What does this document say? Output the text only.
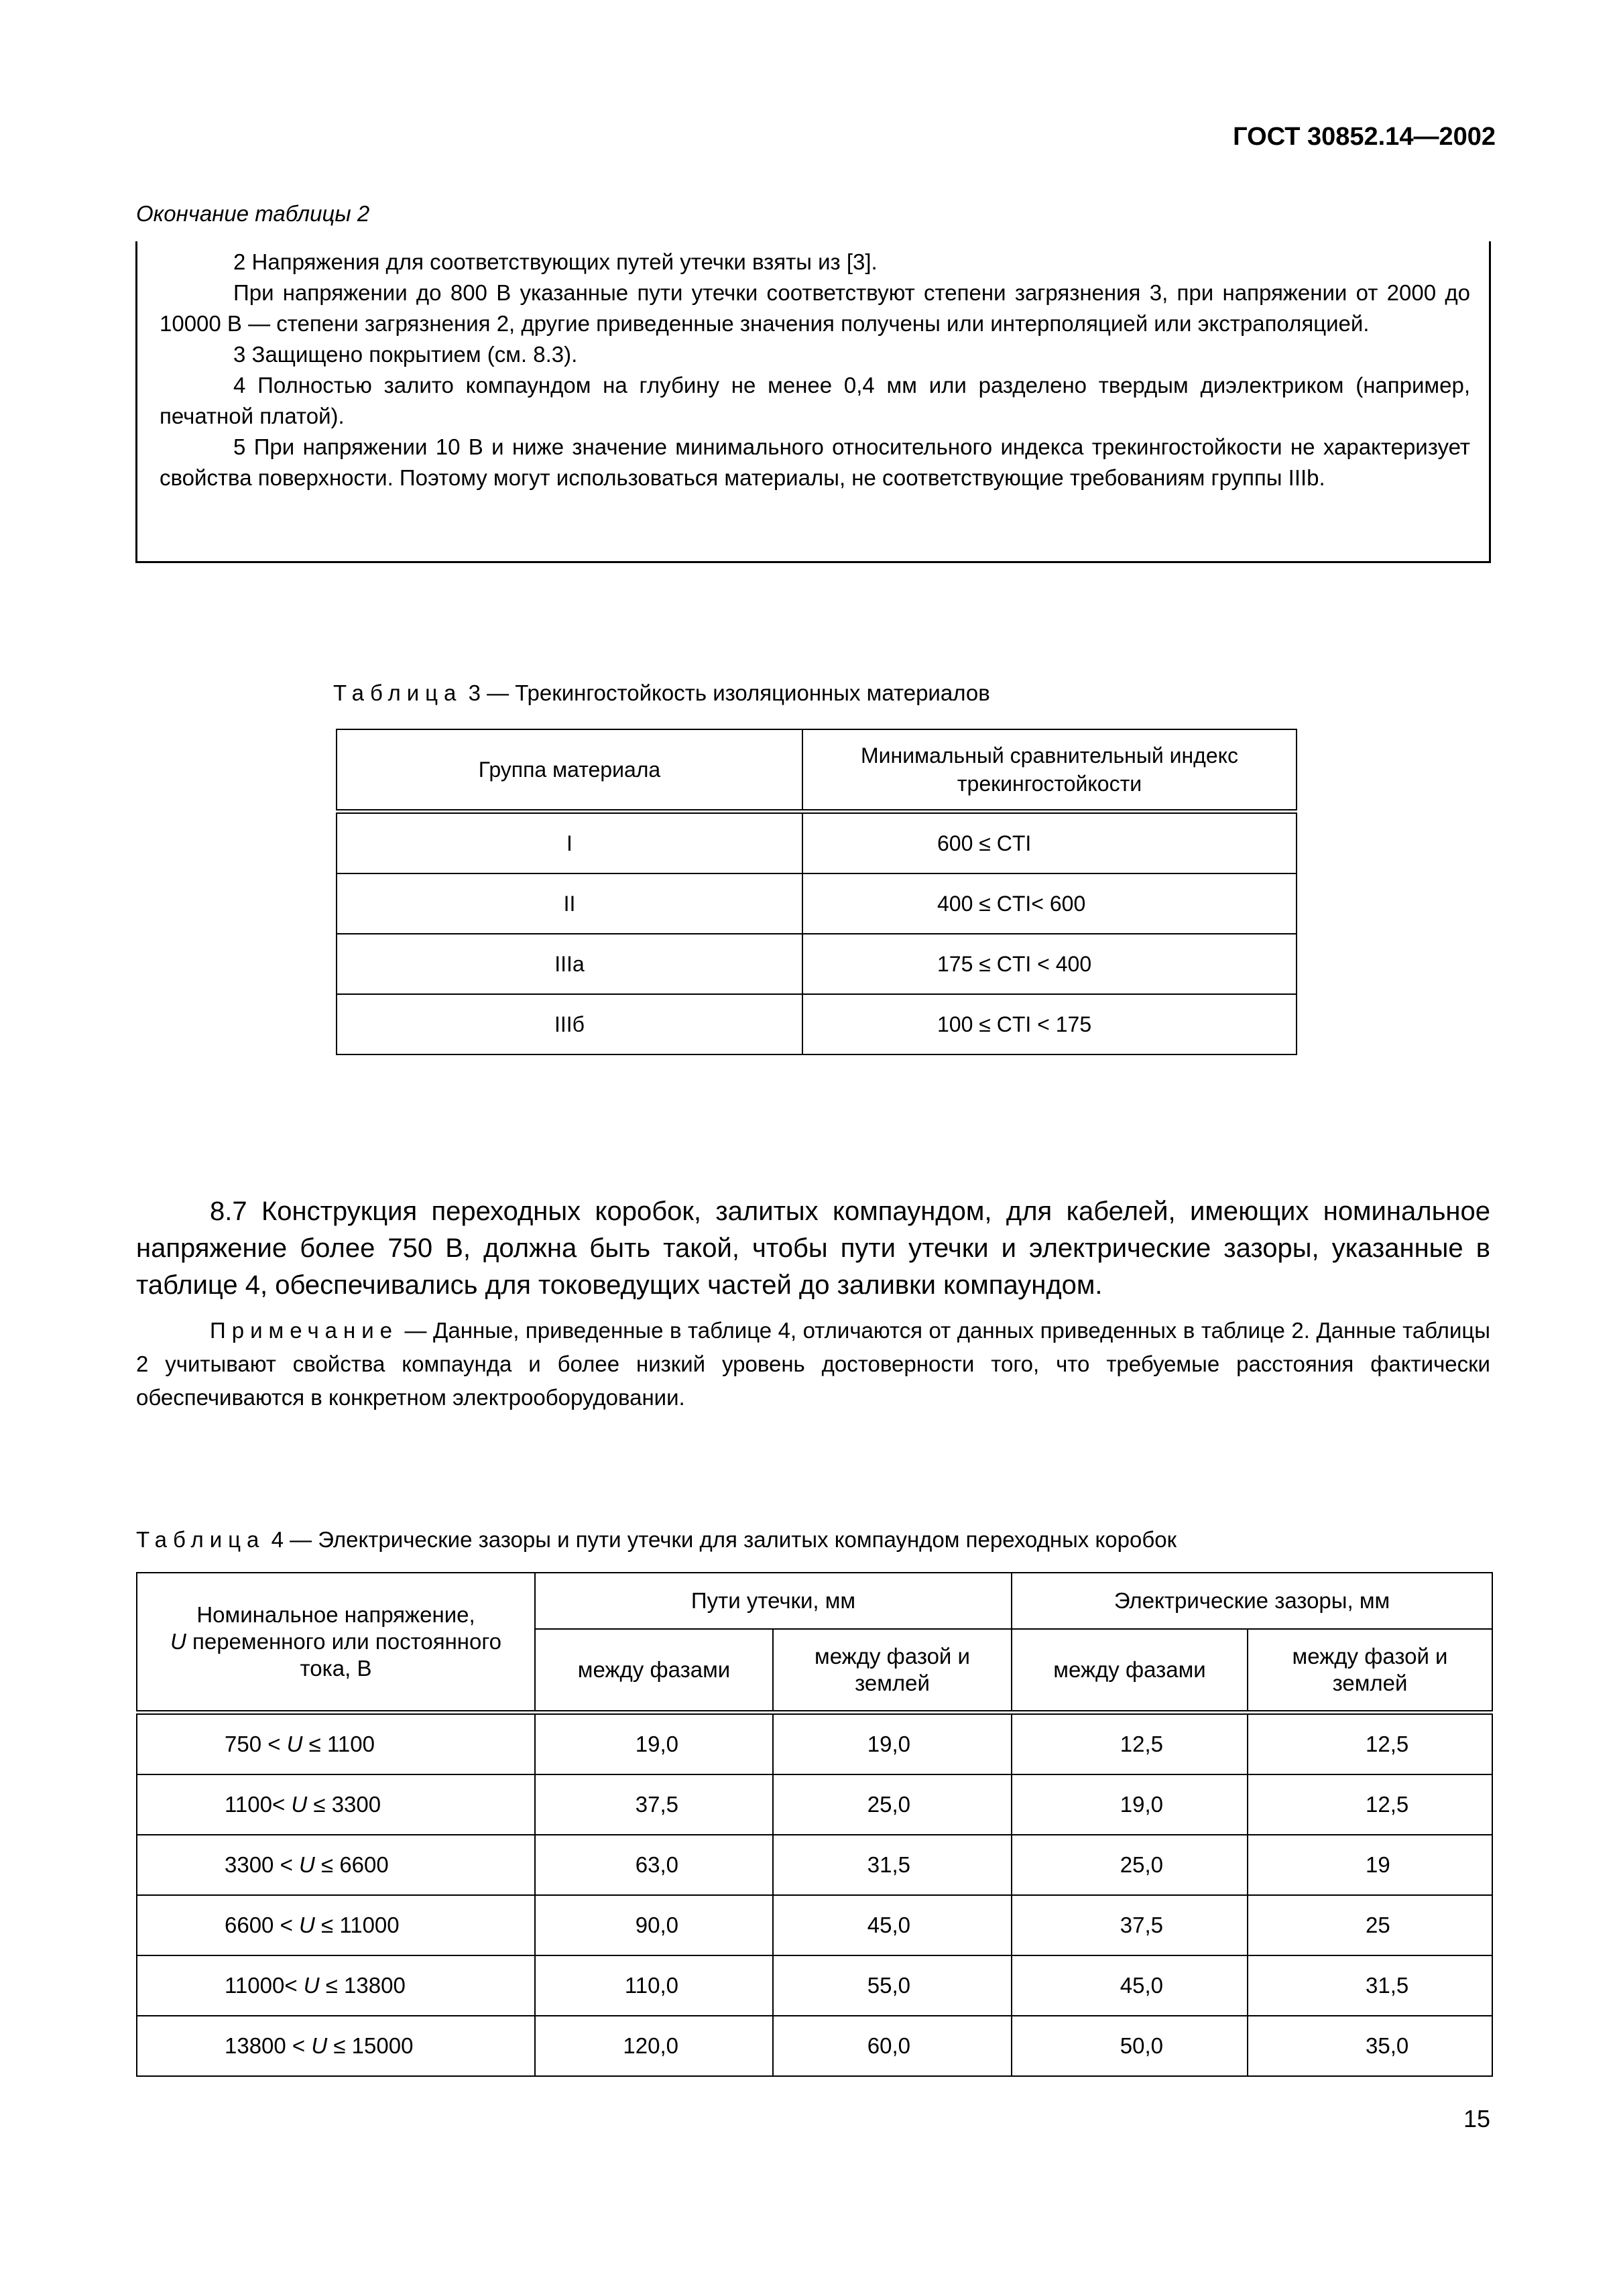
ГОСТ 30852.14—2002
Окончание таблицы 2

2 Напряжения для соответствующих путей утечки взяты из [3].

При напряжении до 800 В указанные пути утечки соответствуют степени загрязнения 3, при напряжении от 2000 до 10000 В — степени загрязнения 2, другие приведенные значения получены или интерполяцией или экстраполяцией.

3 Защищено покрытием (см. 8.3).

4 Полностью залито компаундом на глубину не менее 0,4 мм или разделено твердым диэлектриком (например, печатной платой).

5 При напряжении 10 В и ниже значение минимального относительного индекса трекингостойкости не характеризует свойства поверхности. Поэтому могут использоваться материалы, не соответствующие требованиям группы IIIb.

Таблица 3 — Трекингостойкость изоляционных материалов
Группа материала	Минимальный сравнительный индекс трекингостойкости
I	600 ≤ CTI
II	400 ≤ CTI< 600
IIIa	175 ≤ CTI < 400
IIIб	100 ≤ CTI < 175
8.7 Конструкция переходных коробок, залитых компаундом, для кабелей, имеющих номинальное напряжение более 750 В, должна быть такой, чтобы пути утечки и электрические зазоры, указанные в таблице 4, обеспечивались для токоведущих частей до заливки компаундом.
Примечание — Данные, приведенные в таблице 4, отличаются от данных приведенных в таблице 2. Данные таблицы 2 учитывают свойства компаунда и более низкий уровень достоверности того, что требуемые расстояния фактически обеспечиваются в конкретном электрооборудовании.
Таблица 4 — Электрические зазоры и пути утечки для залитых компаундом переходных коробок
Номинальное напряжение,
U переменного или постоянного тока, В	Пути утечки, мм		Электрические зазоры, мм	
	между фазами	между фазой и землей	между фазами	между фазой и землей
750 < U ≤ 1100	19,0	19,0	12,5	12,5
1100< U ≤ 3300	37,5	25,0	19,0	12,5
3300 < U ≤ 6600	63,0	31,5	25,0	19
6600 < U ≤ 11000	90,0	45,0	37,5	25
11000< U ≤ 13800	110,0	55,0	45,0	31,5
13800 < U ≤ 15000	120,0	60,0	50,0	35,0
15
